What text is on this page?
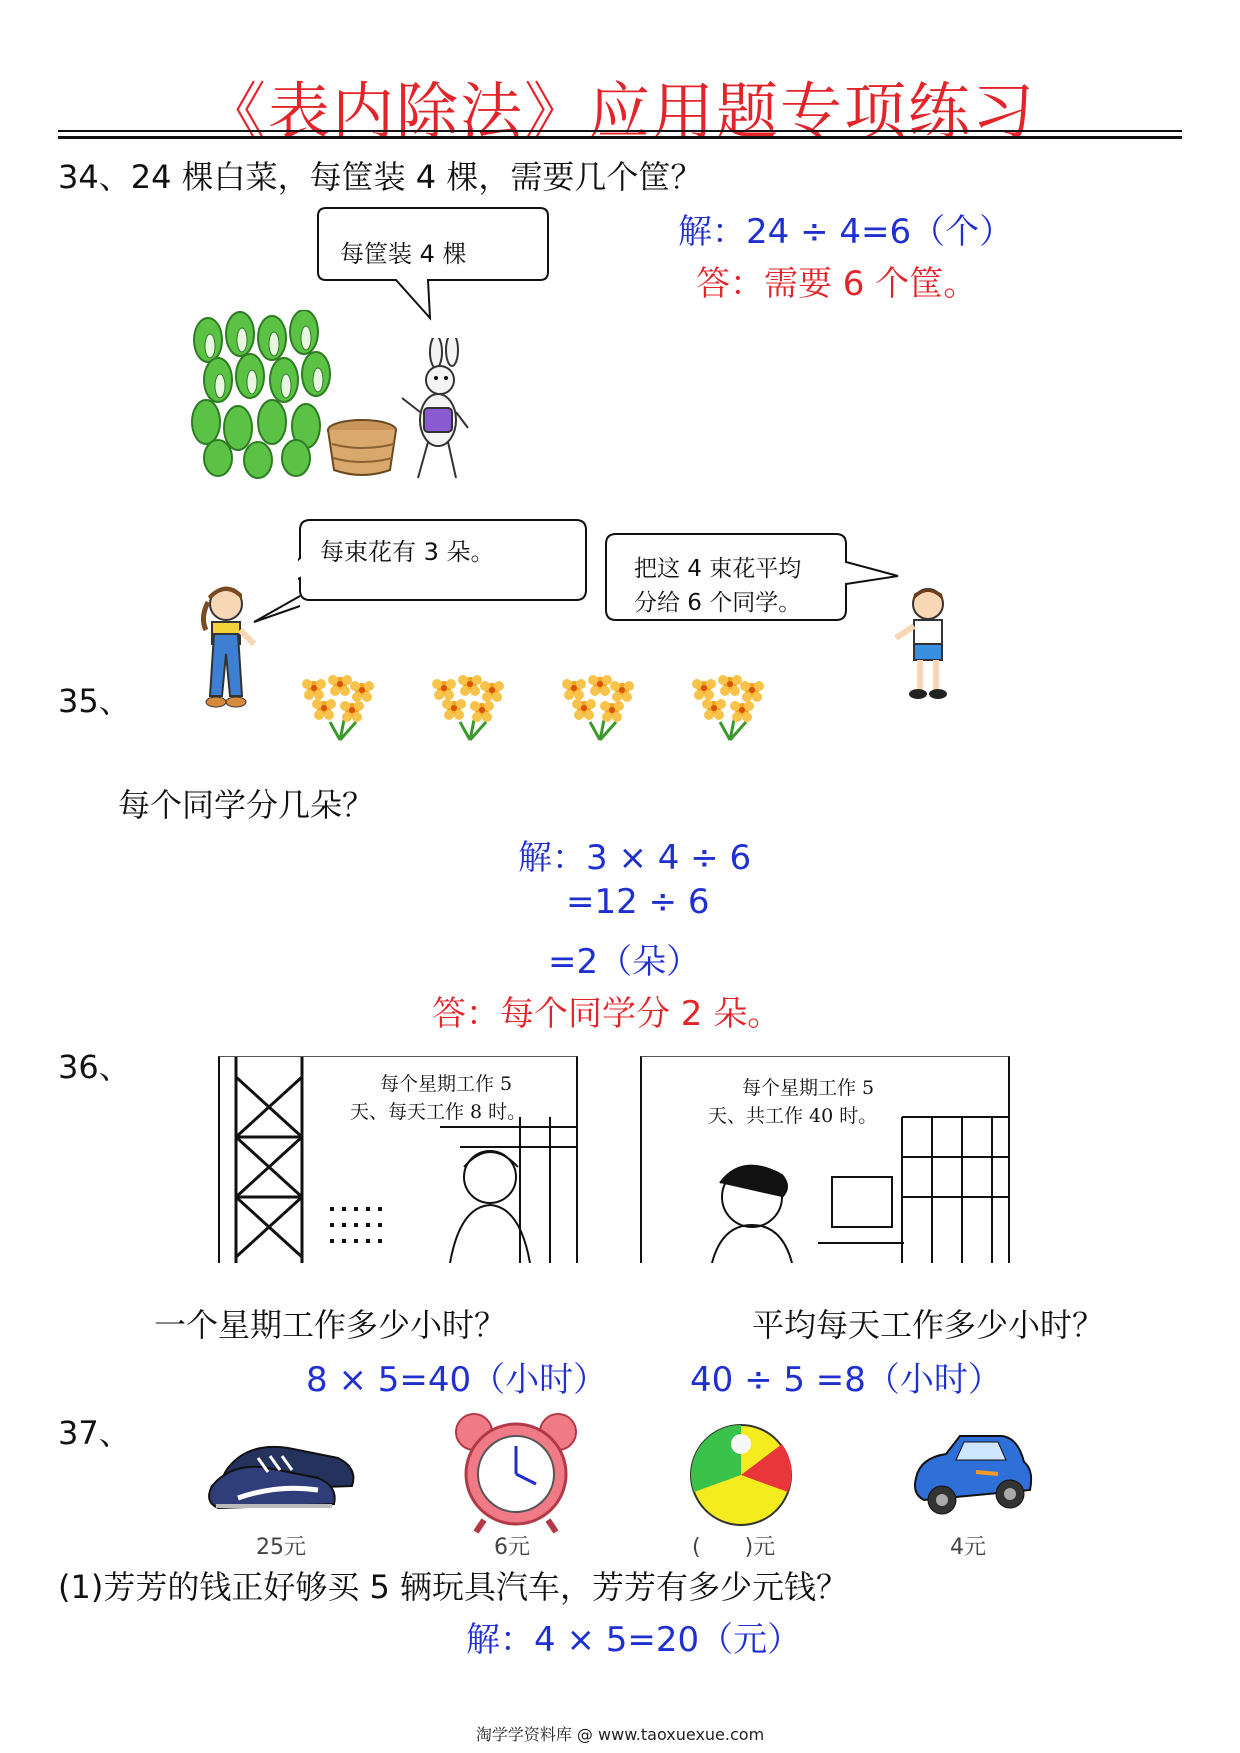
《表内除法》应用题专项练习
34、24 棵白菜，每筐装 4 棵，需要几个筐？
每筐装 4 棵
解：24 ÷ 4=6（个）
答：需要 6 个筐。
每束花有 3 朵。
把这 4 束花平均
分给 6 个同学。
35、
每个同学分几朵？
解：3 × 4 ÷ 6
=12 ÷ 6
=2（朵）
答：每个同学分 2 朵。
36、	每个星期工作 5
天、每天工作 8 时。
每个星期工作 5
天、共工作 40 时。
一个星期工作多少小时？	平均每天工作多少小时？
8 × 5=40（小时） 40 ÷ 5 =8（小时）
37、
25元	6元	(　　)元	4元
(1)芳芳的钱正好够买 5 辆玩具汽车，芳芳有多少元钱？
解：4 × 5=20（元）
淘学学资料库 @ www.taoxuexue.com
